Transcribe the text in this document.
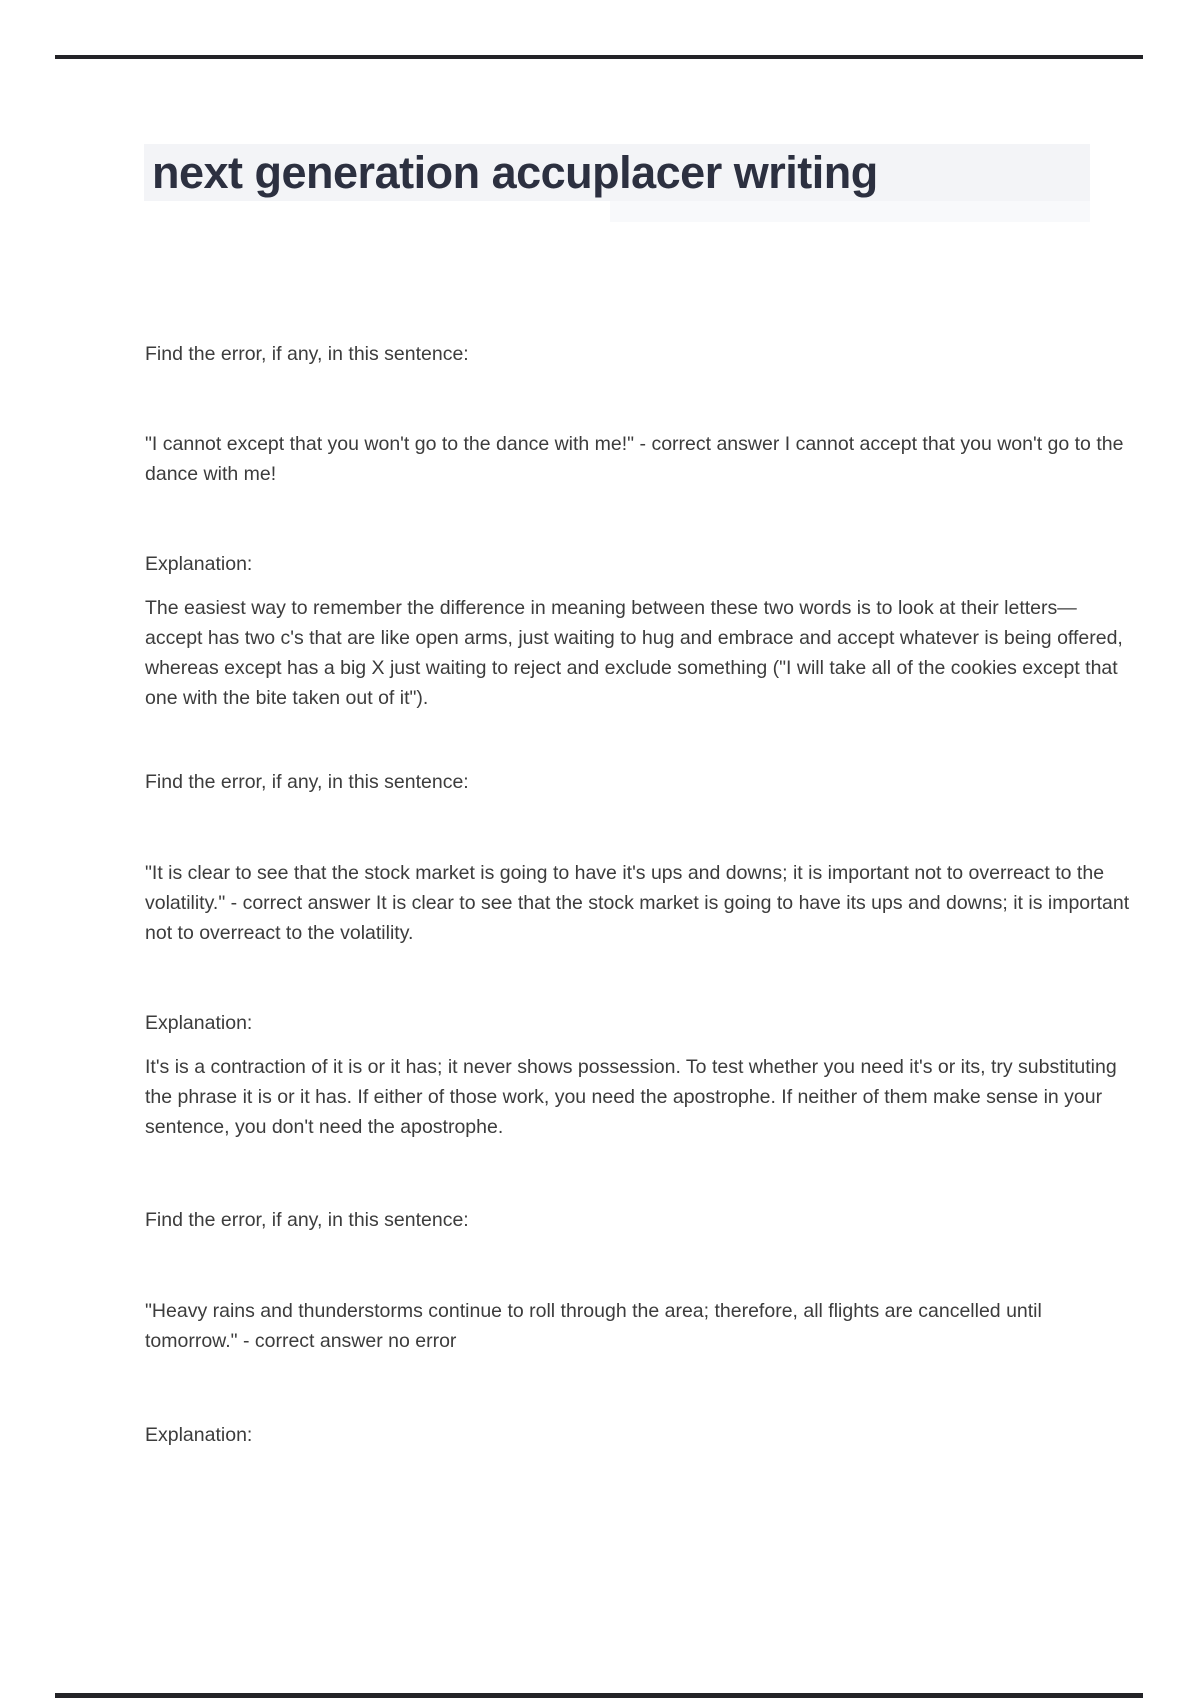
next generation accuplacer writing
Find the error, if any, in this sentence:
"I cannot except that you won't go to the dance with me!" - correct answer I cannot accept that you won't go to the dance with me!
Explanation:
The easiest way to remember the difference in meaning between these two words is to look at their letters—accept has two c's that are like open arms, just waiting to hug and embrace and accept whatever is being offered, whereas except has a big X just waiting to reject and exclude something ("I will take all of the cookies except that one with the bite taken out of it").
Find the error, if any, in this sentence:
"It is clear to see that the stock market is going to have it's ups and downs; it is important not to overreact to the volatility." - correct answer It is clear to see that the stock market is going to have its ups and downs; it is important not to overreact to the volatility.
Explanation:
It's is a contraction of it is or it has; it never shows possession. To test whether you need it's or its, try substituting the phrase it is or it has. If either of those work, you need the apostrophe. If neither of them make sense in your sentence, you don't need the apostrophe.
Find the error, if any, in this sentence:
"Heavy rains and thunderstorms continue to roll through the area; therefore, all flights are cancelled until tomorrow." - correct answer no error
Explanation:
